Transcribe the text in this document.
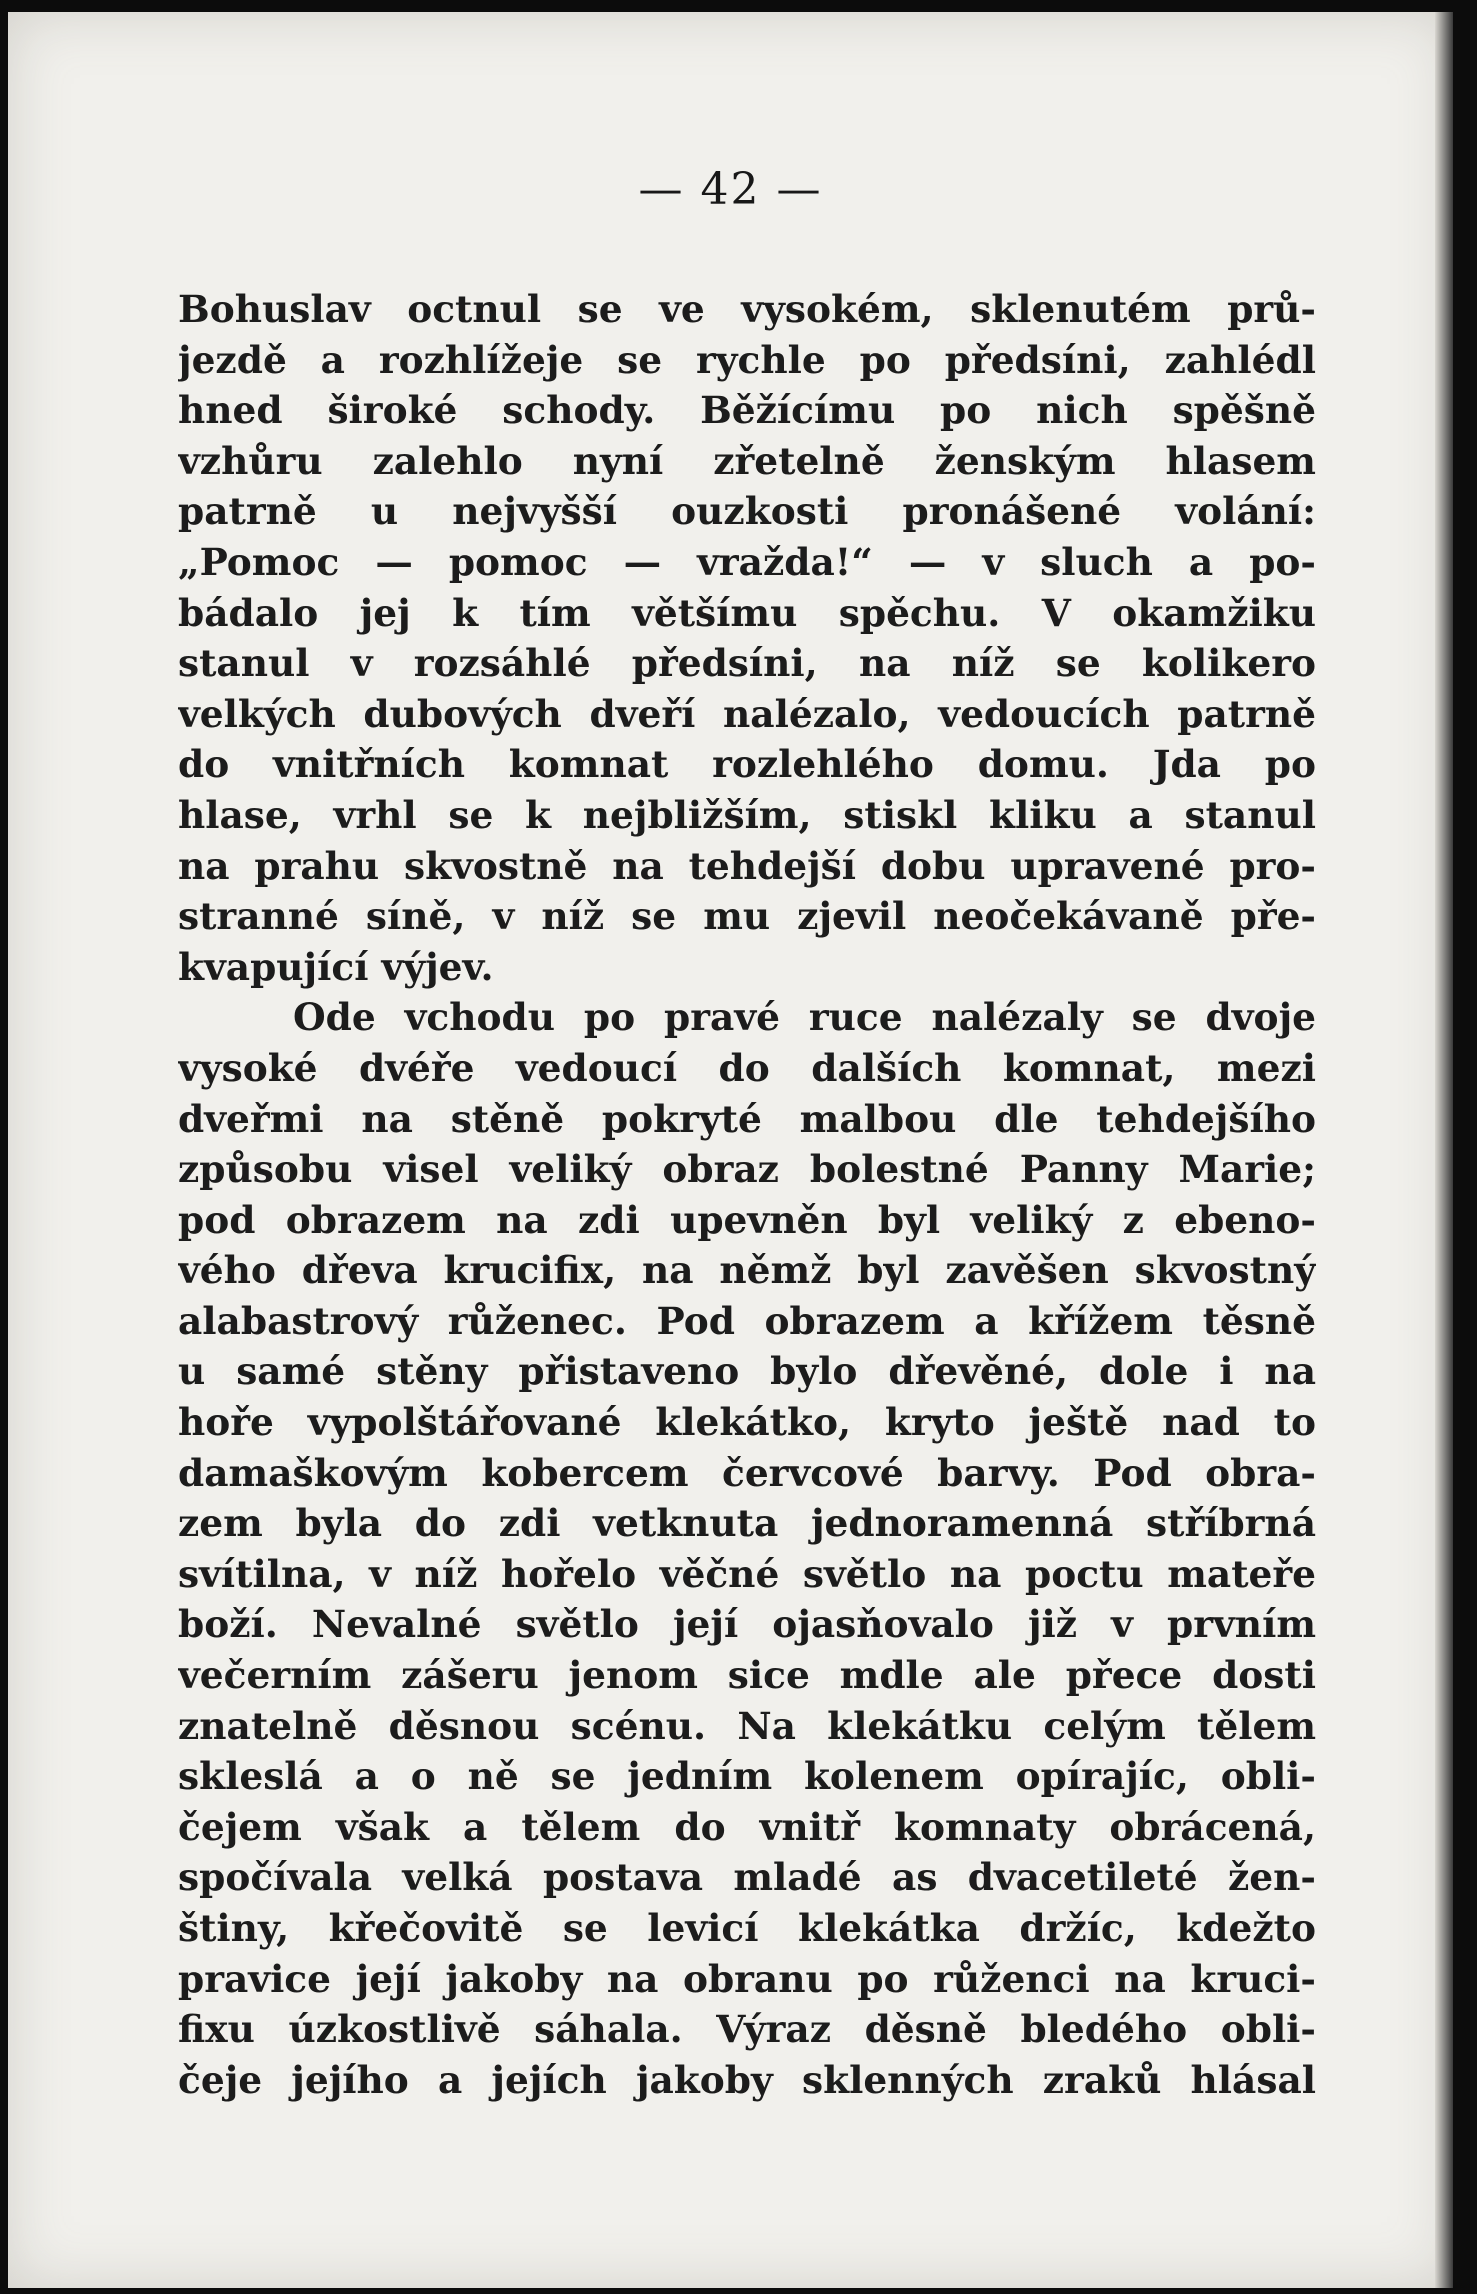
— 42 —
Bohuslav octnul se ve vysokém, sklenutém prů-
jezdě a rozhlížeje se rychle po předsíni, zahlédl
hned široké schody. Běžícímu po nich spěšně
vzhůru zalehlo nyní zřetelně ženským hlasem
patrně u nejvyšší ouzkosti pronášené volání:
„Pomoc — pomoc — vražda!“ — v sluch a po-
bádalo jej k tím většímu spěchu. V okamžiku
stanul v rozsáhlé předsíni, na níž se kolikero
velkých dubových dveří nalézalo, vedoucích patrně
do vnitřních komnat rozlehlého domu. Jda po
hlase, vrhl se k nejbližším, stiskl kliku a stanul
na prahu skvostně na tehdejší dobu upravené pro-
stranné síně, v níž se mu zjevil neočekávaně pře-
kvapující výjev.
Ode vchodu po pravé ruce nalézaly se dvoje
vysoké dvéře vedoucí do dalších komnat, mezi
dveřmi na stěně pokryté malbou dle tehdejšího
způsobu visel veliký obraz bolestné Panny Marie;
pod obrazem na zdi upevněn byl veliký z ebeno-
vého dřeva krucifix, na němž byl zavěšen skvostný
alabastrový růženec. Pod obrazem a křížem těsně
u samé stěny přistaveno bylo dřevěné, dole i na
hoře vypolštářované klekátko, kryto ještě nad to
damaškovým kobercem červcové barvy. Pod obra-
zem byla do zdi vetknuta jednoramenná stříbrná
svítilna, v níž hořelo věčné světlo na poctu mateře
boží. Nevalné světlo její ojasňovalo již v prvním
večerním zášeru jenom sice mdle ale přece dosti
znatelně děsnou scénu. Na klekátku celým tělem
skleslá a o ně se jedním kolenem opírajíc, obli-
čejem však a tělem do vnitř komnaty obrácená,
spočívala velká postava mladé as dvacetileté žen-
štiny, křečovitě se levicí klekátka držíc, kdežto
pravice její jakoby na obranu po růženci na kruci-
fixu úzkostlivě sáhala. Výraz děsně bledého obli-
čeje jejího a jejích jakoby sklenných zraků hlásal
